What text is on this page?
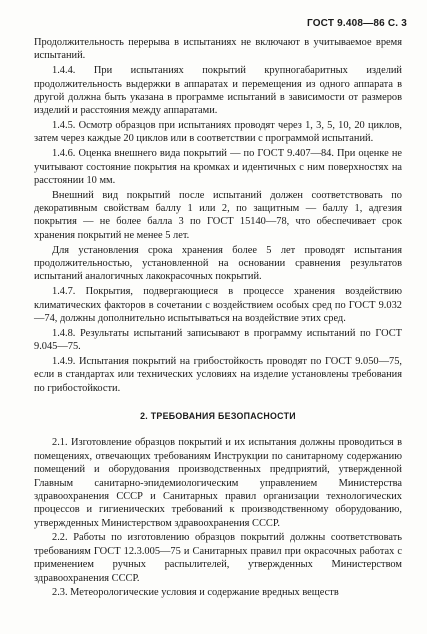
ГОСТ 9.408—86 С. 3

Продолжительность перерыва в испытаниях не включают в учитываемое время испытаний.

1.4.4. При испытаниях покрытий крупногабаритных изделий продолжительность выдержки в аппаратах и перемещения из одного аппарата в другой должна быть указана в программе испытаний в зависимости от размеров изделий и расстояния между аппаратами.

1.4.5. Осмотр образцов при испытаниях проводят через 1, 3, 5, 10, 20 циклов, затем через каждые 20 циклов или в соответствии с программой испытаний.

1.4.6. Оценка внешнего вида покрытий — по ГОСТ 9.407—84. При оценке не учитывают состояние покрытия на кромках и идентичных с ним поверхностях на расстоянии 10 мм.

Внешний вид покрытий после испытаний должен соответствовать по декоративным свойствам баллу 1 или 2, по защитным — баллу 1, адгезия покрытия — не более балла 3 по ГОСТ 15140—78, что обеспечивает срок хранения покрытий не менее 5 лет.

Для установления срока хранения более 5 лет проводят испытания продолжительностью, установленной на основании сравнения результатов испытаний аналогичных лакокрасочных покрытий.

1.4.7. Покрытия, подвергающиеся в процессе хранения воздействию климатических факторов в сочетании с воздействием особых сред по ГОСТ 9.032—74, должны дополнительно испытываться на воздействие этих сред.

1.4.8. Результаты испытаний записывают в программу испытаний по ГОСТ 9.045—75.

1.4.9. Испытания покрытий на грибостойкость проводят по ГОСТ 9.050—75, если в стандартах или технических условиях на изделие установлены требования по грибостойкости.

2. ТРЕБОВАНИЯ БЕЗОПАСНОСТИ

2.1. Изготовление образцов покрытий и их испытания должны проводиться в помещениях, отвечающих требованиям Инструкции по санитарному содержанию помещений и оборудования производственных предприятий, утвержденной Главным санитарно-эпидемиологическим управлением Министерства здравоохранения СССР и Санитарных правил организации технологических процессов и гигиенических требований к производственному оборудованию, утвержденных Министерством здравоохранения СССР.

2.2. Работы по изготовлению образцов покрытий должны соответствовать требованиям ГОСТ 12.3.005—75 и Санитарных правил при окрасочных работах с применением ручных распылителей, утвержденных Министерством здравоохранения СССР.

2.3. Метеорологические условия и содержание вредных веществ
